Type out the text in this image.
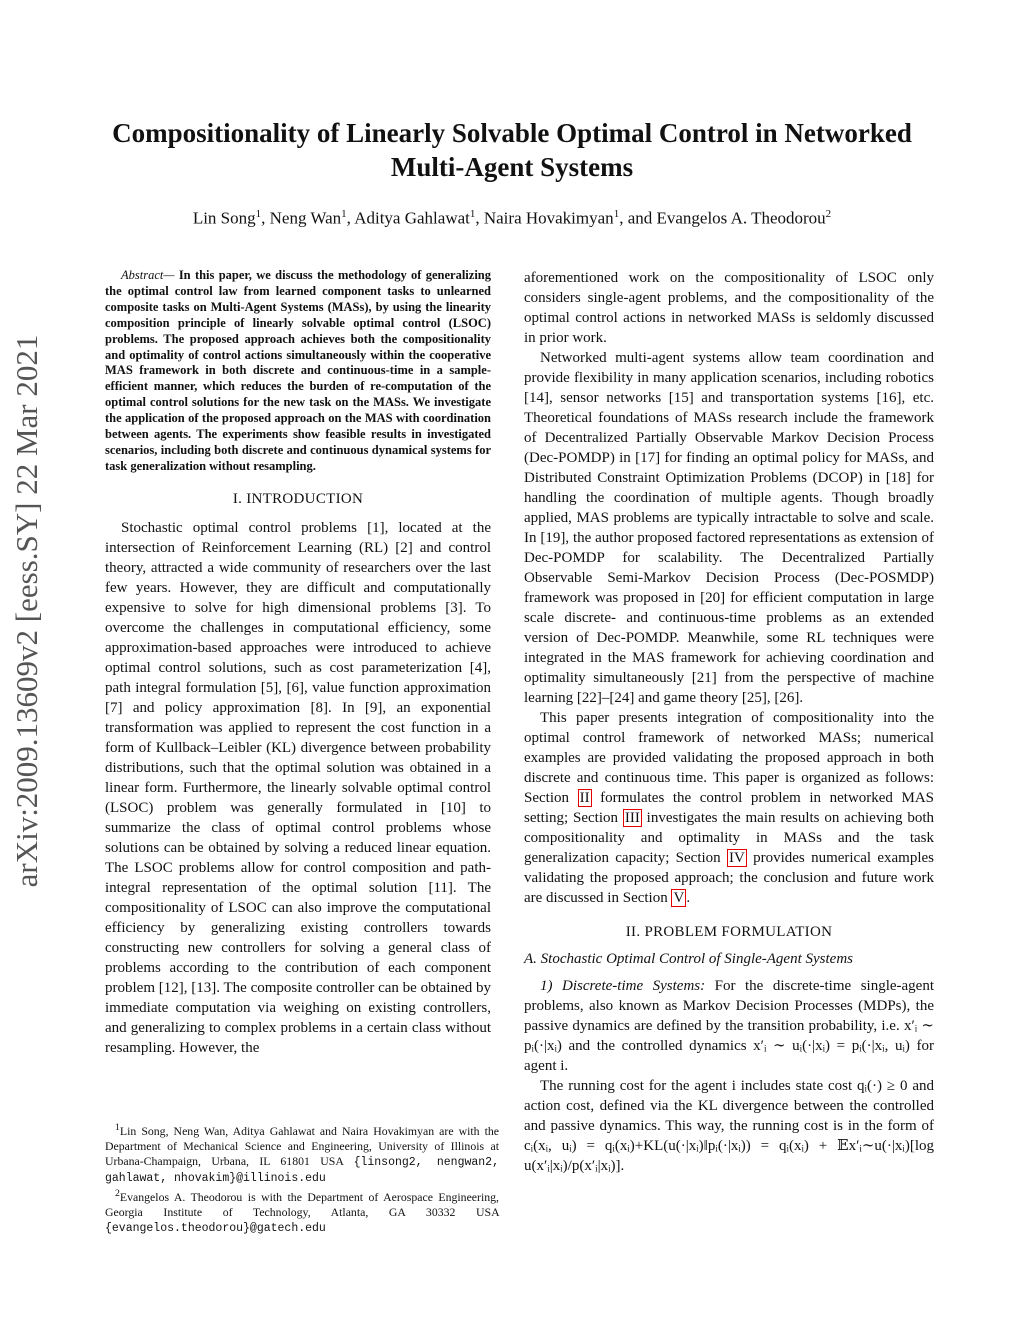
Compositionality of Linearly Solvable Optimal Control in Networked Multi-Agent Systems
Lin Song$^1$, Neng Wan$^1$, Aditya Gahlawat$^1$, Naira Hovakimyan$^1$, and Evangelos A. Theodorou$^2$
arXiv:2009.13609v2 [eess.SY] 22 Mar 2021

Abstract— In this paper, we discuss the methodology of generalizing the optimal control law from learned component tasks to unlearned composite tasks on Multi-Agent Systems (MASs), by using the linearity composition principle of linearly solvable optimal control (LSOC) problems. The proposed approach achieves both the compositionality and optimality of control actions simultaneously within the cooperative MAS framework in both discrete and continuous-time in a sample-efficient manner, which reduces the burden of re-computation of the optimal control solutions for the new task on the MASs. We investigate the application of the proposed approach on the MAS with coordination between agents. The experiments show feasible results in investigated scenarios, including both discrete and continuous dynamical systems for task generalization without resampling.

I. INTRODUCTION

Stochastic optimal control problems [1], located at the intersection of Reinforcement Learning (RL) [2] and control theory, attracted a wide community of researchers over the last few years. However, they are difficult and computationally expensive to solve for high dimensional problems [3]. To overcome the challenges in computational efficiency, some approximation-based approaches were introduced to achieve optimal control solutions, such as cost parameterization [4], path integral formulation [5], [6], value function approximation [7] and policy approximation [8]. In [9], an exponential transformation was applied to represent the cost function in a form of Kullback–Leibler (KL) divergence between probability distributions, such that the optimal solution was obtained in a linear form. Furthermore, the linearly solvable optimal control (LSOC) problem was generally formulated in [10] to summarize the class of optimal control problems whose solutions can be obtained by solving a reduced linear equation. The LSOC problems allow for control composition and path-integral representation of the optimal solution [11]. The compositionality of LSOC can also improve the computational efficiency by generalizing existing controllers towards constructing new controllers for solving a general class of problems according to the contribution of each component problem [12], [13]. The composite controller can be obtained by immediate computation via weighing on existing controllers, and generalizing to complex problems in a certain class without resampling. However, the

$^1$Lin Song, Neng Wan, Aditya Gahlawat and Naira Hovakimyan are with the Department of Mechanical Science and Engineering, University of Illinois at Urbana-Champaign, Urbana, IL 61801 USA {linsong2, nengwan2, gahlawat, nhovakim}@illinois.edu

$^2$Evangelos A. Theodorou is with the Department of Aerospace Engineering, Georgia Institute of Technology, Atlanta, GA 30332 USA {evangelos.theodorou}@gatech.edu

aforementioned work on the compositionality of LSOC only considers single-agent problems, and the compositionality of the optimal control actions in networked MASs is seldomly discussed in prior work.

Networked multi-agent systems allow team coordination and provide flexibility in many application scenarios, including robotics [14], sensor networks [15] and transportation systems [16], etc. Theoretical foundations of MASs research include the framework of Decentralized Partially Observable Markov Decision Process (Dec-POMDP) in [17] for finding an optimal policy for MASs, and Distributed Constraint Optimization Problems (DCOP) in [18] for handling the coordination of multiple agents. Though broadly applied, MAS problems are typically intractable to solve and scale. In [19], the author proposed factored representations as extension of Dec-POMDP for scalability. The Decentralized Partially Observable Semi-Markov Decision Process (Dec-POSMDP) framework was proposed in [20] for efficient computation in large scale discrete- and continuous-time problems as an extended version of Dec-POMDP. Meanwhile, some RL techniques were integrated in the MAS framework for achieving coordination and optimality simultaneously [21] from the perspective of machine learning [22]–[24] and game theory [25], [26].

This paper presents integration of compositionality into the optimal control framework of networked MASs; numerical examples are provided validating the proposed approach in both discrete and continuous time. This paper is organized as follows: Section II formulates the control problem in networked MAS setting; Section III investigates the main results on achieving both compositionality and optimality in MASs and the task generalization capacity; Section IV provides numerical examples validating the proposed approach; the conclusion and future work are discussed in Section V .

II. PROBLEM FORMULATION
A. Stochastic Optimal Control of Single-Agent Systems

1) Discrete-time Systems: For the discrete-time single-agent problems, also known as Markov Decision Processes (MDPs), the passive dynamics are defined by the transition probability, i.e. x′ᵢ ∼ pᵢ(·|xᵢ) and the controlled dynamics x′ᵢ ∼ uᵢ(·|xᵢ) = pᵢ(·|xᵢ, uᵢ) for agent i.

The running cost for the agent i includes state cost qᵢ(·) ≥ 0 and action cost, defined via the KL divergence between the controlled and passive dynamics. This way, the running cost is in the form of cᵢ(xᵢ, uᵢ) = qᵢ(xᵢ)+KL(u(·|xᵢ)‖pᵢ(·|xᵢ)) = qᵢ(xᵢ) + 𝔼x′ᵢ∼u(·|xᵢ)[log u(x′ᵢ|xᵢ)/p(x′ᵢ|xᵢ)].
